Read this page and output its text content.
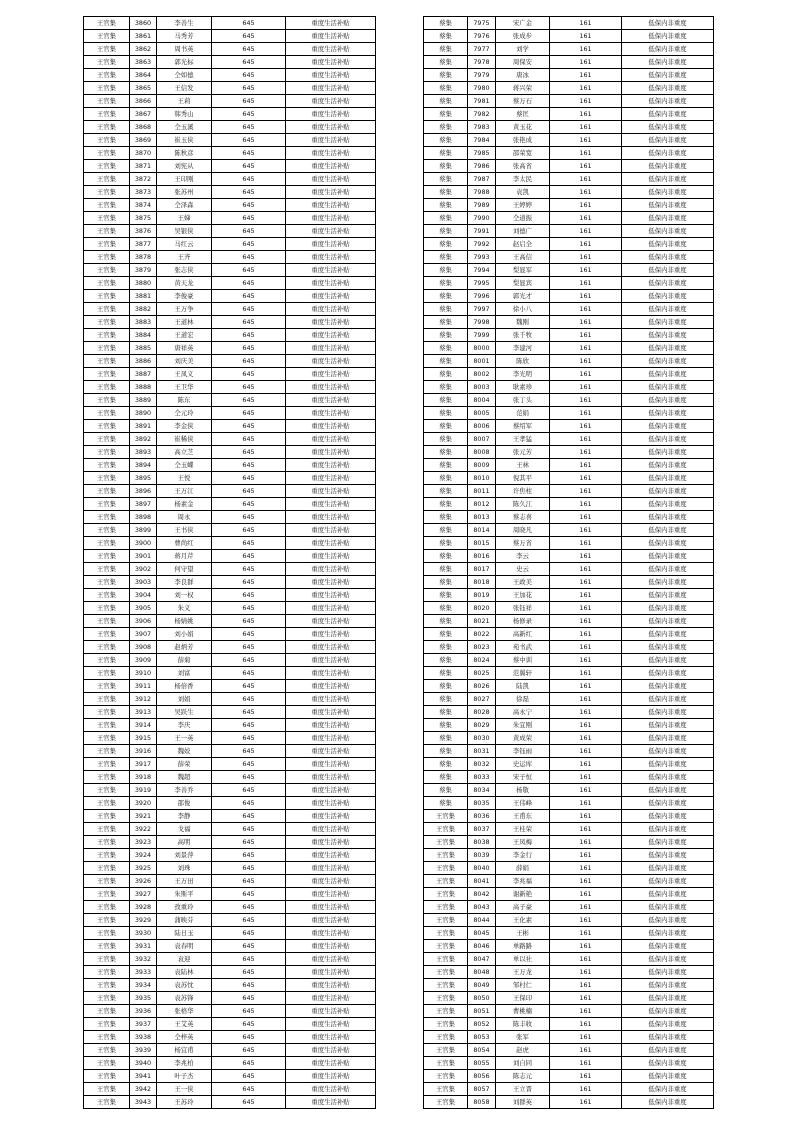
王官集	3860	李善生	645	重度生活补贴
王官集	3861	马秀芳	645	重度生活补贴
王官集	3862	周书英	645	重度生活补贴
王官集	3863	郭光标	645	重度生活补贴
王官集	3864	仝如德	645	重度生活补贴
王官集	3865	王信发	645	重度生活补贴
王官集	3866	王莉	645	重度生活补贴
王官集	3867	韩秀山	645	重度生活补贴
王官集	3868	仝玉溪	645	重度生活补贴
王官集	3869	崔玉侠	645	重度生活补贴
王官集	3870	陈秋彦	645	重度生活补贴
王官集	3871	刘宪从	645	重度生活补贴
王官集	3872	王印刚	645	重度生活补贴
王官集	3873	张苏州	645	重度生活补贴
王官集	3874	仝泽森	645	重度生活补贴
王官集	3875	王娣	645	重度生活补贴
王官集	3876	吴银侠	645	重度生活补贴
王官集	3877	马红云	645	重度生活补贴
王官集	3878	王齐	645	重度生活补贴
王官集	3879	张志侠	645	重度生活补贴
王官集	3880	黄天龙	645	重度生活补贴
王官集	3881	李俊豪	645	重度生活补贴
王官集	3882	王万争	645	重度生活补贴
王官集	3883	王道林	645	重度生活补贴
王官集	3884	王道宏	645	重度生活补贴
王官集	3885	唐祥英	645	重度生活补贴
王官集	3886	刘庆美	645	重度生活补贴
王官集	3887	王凤义	645	重度生活补贴
王官集	3888	王卫华	645	重度生活补贴
王官集	3889	陈东	645	重度生活补贴
王官集	3890	仝元玲	645	重度生活补贴
王官集	3891	李金侠	645	重度生活补贴
王官集	3892	崔稀侠	645	重度生活补贴
王官集	3893	高立芝	645	重度生活补贴
王官集	3894	仝玉蝶	645	重度生活补贴
王官集	3895	王悦	645	重度生活补贴
王官集	3896	王万江	645	重度生活补贴
王官集	3897	杨素金	645	重度生活补贴
王官集	3898	周永	645	重度生活补贴
王官集	3899	王书侠	645	重度生活补贴
王官集	3900	曹尚红	645	重度生活补贴
王官集	3901	蒋月芹	645	重度生活补贴
王官集	3902	何守望	645	重度生活补贴
王官集	3903	李良群	645	重度生活补贴
王官集	3904	刘一权	645	重度生活补贴
王官集	3905	朱义	645	重度生活补贴
王官集	3906	杨婧姚	645	重度生活补贴
王官集	3907	刘小娟	645	重度生活补贴
王官集	3908	赵炳芳	645	重度生活补贴
王官集	3909	薛菊	645	重度生活补贴
王官集	3910	刘富	645	重度生活补贴
王官集	3911	杨倍香	645	重度生活补贴
王官集	3912	刘娟	645	重度生活补贴
王官集	3913	吴跃生	645	重度生活补贴
王官集	3914	李庆	645	重度生活补贴
王官集	3915	王一英	645	重度生活补贴
王官集	3916	魏姣	645	重度生活补贴
王官集	3917	薛荣	645	重度生活补贴
王官集	3918	魏超	645	重度生活补贴
王官集	3919	李善乔	645	重度生活补贴
王官集	3920	邵俊	645	重度生活补贴
王官集	3921	李静	645	重度生活补贴
王官集	3922	戈福	645	重度生活补贴
王官集	3923	高明	645	重度生活补贴
王官集	3924	刘景萍	645	重度生活补贴
王官集	3925	刘珠	645	重度生活补贴
王官集	3926	王万田	645	重度生活补贴
王官集	3927	朱斯平	645	重度生活补贴
王官集	3928	孜重玲	645	重度生活补贴
王官集	3929	蒲映芬	645	重度生活补贴
王官集	3930	陆日玉	645	重度生活补贴
王官集	3931	袁春明	645	重度生活补贴
王官集	3932	袁迎	645	重度生活补贴
王官集	3933	袁陆林	645	重度生活补贴
王官集	3934	袁苏忱	645	重度生活补贴
王官集	3935	袁苏锋	645	重度生活补贴
王官集	3936	张格华	645	重度生活补贴
王官集	3937	王艾英	645	重度生活补贴
王官集	3938	仝梓英	645	重度生活补贴
王官集	3939	杨宜甫	645	重度生活补贴
王官集	3940	李兆柏	645	重度生活补贴
王官集	3941	叶子杰	645	重度生活补贴
王官集	3942	王一侠	645	重度生活补贴
王官集	3943	王苏玲	645	重度生活补贴
蔡集	7975	宋广金	161	低保内非重度
蔡集	7976	张成步	161	低保内非重度
蔡集	7977	刘学	161	低保内非重度
蔡集	7978	周保安	161	低保内非重度
蔡集	7979	唐冰	161	低保内非重度
蔡集	7980	蒋兴荣	161	低保内非重度
蔡集	7981	蔡万石	161	低保内非重度
蔡集	7982	蔡匡	161	低保内非重度
蔡集	7983	黄玉花	161	低保内非重度
蔡集	7984	张艳成	161	低保内非重度
蔡集	7985	邵荣宽	161	低保内非重度
蔡集	7986	张高省	161	低保内非重度
蔡集	7987	李太民	161	低保内非重度
蔡集	7988	袁凯	161	低保内非重度
蔡集	7989	王婷婷	161	低保内非重度
蔡集	7990	仝道振	161	低保内非重度
蔡集	7991	刘德广	161	低保内非重度
蔡集	7992	赵启全	161	低保内非重度
蔡集	7993	王高信	161	低保内非重度
蔡集	7994	梨显军	161	低保内非重度
蔡集	7995	梨显宾	161	低保内非重度
蔡集	7996	郭光才	161	低保内非重度
蔡集	7997	徐小八	161	低保内非重度
蔡集	7998	魏刚	161	低保内非重度
蔡集	7999	张千牧	161	低保内非重度
蔡集	8000	李建河	161	低保内非重度
蔡集	8001	陈欣	161	低保内非重度
蔡集	8002	李光明	161	低保内非重度
蔡集	8003	耿素珍	161	低保内非重度
蔡集	8004	张丁头	161	低保内非重度
蔡集	8005	范娟	161	低保内非重度
蔡集	8006	蔡绍军	161	低保内非重度
蔡集	8007	王孝猛	161	低保内非重度
蔡集	8008	张元芳	161	低保内非重度
蔡集	8009	王林	161	低保内非重度
蔡集	8010	倪其平	161	低保内非重度
蔡集	8011	许焦柱	161	低保内非重度
蔡集	8012	陈久江	161	低保内非重度
蔡集	8013	蔡志喜	161	低保内非重度
蔡集	8014	周晓凡	161	低保内非重度
蔡集	8015	蔡万省	161	低保内非重度
蔡集	8016	李云	161	低保内非重度
蔡集	8017	史云	161	低保内非重度
蔡集	8018	王政美	161	低保内非重度
蔡集	8019	王加花	161	低保内非重度
蔡集	8020	张钰祥	161	低保内非重度
蔡集	8021	杨修录	161	低保内非重度
蔡集	8022	高新红	161	低保内非重度
蔡集	8023	苑书武	161	低保内非重度
蔡集	8024	蔡中训	161	低保内非重度
蔡集	8025	范翼轩	161	低保内非重度
蔡集	8026	陆凯	161	低保内非重度
蔡集	8027	徐磊	161	低保内非重度
蔡集	8028	高永宁	161	低保内非重度
蔡集	8029	朱宜刚	161	低保内非重度
蔡集	8030	黄成荣	161	低保内非重度
蔡集	8031	李钰雨	161	低保内非重度
蔡集	8032	史运库	161	低保内非重度
蔡集	8033	宋子恒	161	低保内非重度
蔡集	8034	杨敬	161	低保内非重度
蔡集	8035	王伟峰	161	低保内非重度
王官集	8036	王甫东	161	低保内非重度
王官集	8037	王桂荣	161	低保内非重度
王官集	8038	王凤梅	161	低保内非重度
王官集	8039	李金行	161	低保内非重度
王官集	8040	薛娟	161	低保内非重度
王官集	8041	李兆福	161	低保内非重度
王官集	8042	谢新艳	161	低保内非重度
王官集	8043	高子豪	161	低保内非重度
王官集	8044	王化素	161	低保内非重度
王官集	8045	王彬	161	低保内非重度
王官集	8046	单路路	161	低保内非重度
王官集	8047	单以社	161	低保内非重度
王官集	8048	王万龙	161	低保内非重度
王官集	8049	邹村仁	161	低保内非重度
王官集	8050	王保印	161	低保内非重度
王官集	8051	曹桃楠	161	低保内非重度
王官集	8052	陈丰收	161	低保内非重度
王官集	8053	张军	161	低保内非重度
王官集	8054	赵虎	161	低保内非重度
王官集	8055	刘自同	161	低保内非重度
王官集	8056	陈志元	161	低保内非重度
王官集	8057	王立晋	161	低保内非重度
王官集	8058	刘群英	161	低保内非重度
